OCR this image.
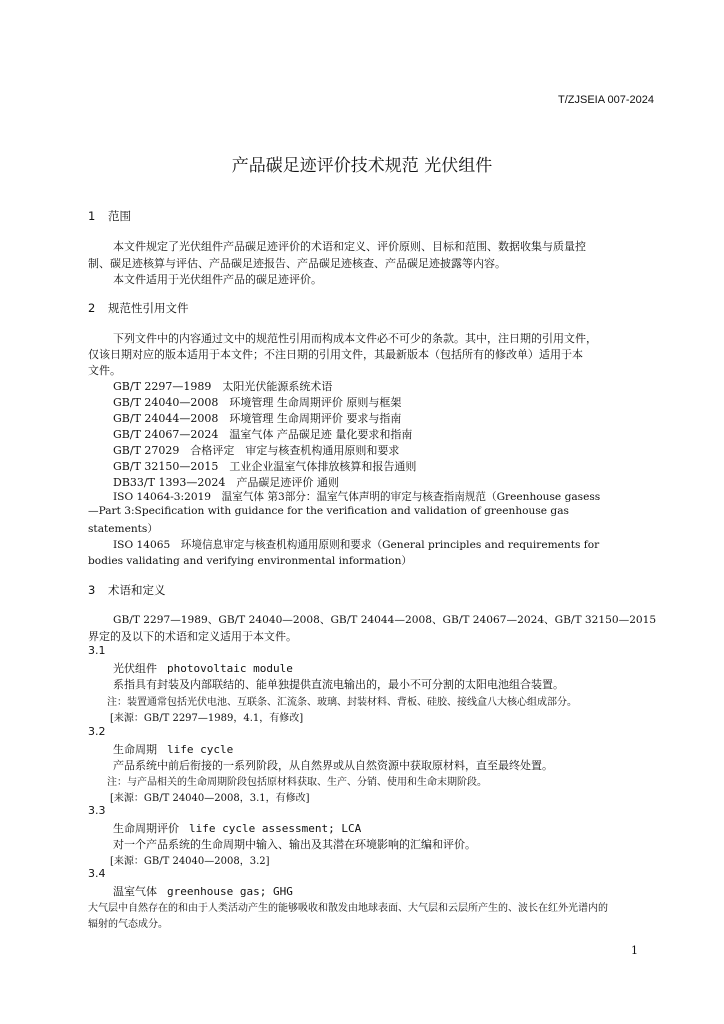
T/ZJSEIA 007-2024
产品碳足迹评价技术规范 光伏组件
1 范围
本文件规定了光伏组件产品碳足迹评价的术语和定义、评价原则、目标和范围、数据收集与质量控
制、碳足迹核算与评估、产品碳足迹报告、产品碳足迹核查、产品碳足迹披露等内容。
本文件适用于光伏组件产品的碳足迹评价。
2 规范性引用文件
下列文件中的内容通过文中的规范性引用而构成本文件必不可少的条款。其中，注日期的引用文件，
仅该日期对应的版本适用于本文件；不注日期的引用文件，其最新版本（包括所有的修改单）适用于本
文件。
GB/T 2297—1989　太阳光伏能源系统术语
GB/T 24040—2008　环境管理 生命周期评价 原则与框架
GB/T 24044—2008　环境管理 生命周期评价 要求与指南
GB/T 24067—2024　温室气体 产品碳足迹 量化要求和指南
GB/T 27029　合格评定　审定与核查机构通用原则和要求
GB/T 32150—2015　工业企业温室气体排放核算和报告通则
DB33/T 1393—2024　产品碳足迹评价 通则
ISO 14064-3:2019　温室气体 第3部分：温室气体声明的审定与核查指南规范（Greenhouse gasess
—Part 3:Specification with guidance for the verification and validation of greenhouse gas
statements）
ISO 14065　环境信息审定与核查机构通用原则和要求（General principles and requirements for
bodies validating and verifying environmental information）
3 术语和定义
GB/T 2297—1989、GB/T 24040—2008、GB/T 24044—2008、GB/T 24067—2024、GB/T 32150—2015
界定的及以下的术语和定义适用于本文件。
3.1
光伏组件 photovoltaic module
系指具有封装及内部联结的、能单独提供直流电输出的，最小不可分割的太阳电池组合装置。
注：装置通常包括光伏电池、互联条、汇流条、玻璃、封装材料、背板、硅胶、接线盒八大核心组成部分。
[来源：GB/T 2297—1989，4.1，有修改]
3.2
生命周期 life cycle
产品系统中前后衔接的一系列阶段，从自然界或从自然资源中获取原材料，直至最终处置。
注：与产品相关的生命周期阶段包括原材料获取、生产、分销、使用和生命末期阶段。
[来源：GB/T 24040—2008，3.1，有修改]
3.3
生命周期评价 life cycle assessment; LCA
对一个产品系统的生命周期中输入、输出及其潜在环境影响的汇编和评价。
[来源：GB/T 24040—2008，3.2]
3.4
温室气体 greenhouse gas; GHG
大气层中自然存在的和由于人类活动产生的能够吸收和散发由地球表面、大气层和云层所产生的、波长在红外光谱内的
辐射的气态成分。
1
